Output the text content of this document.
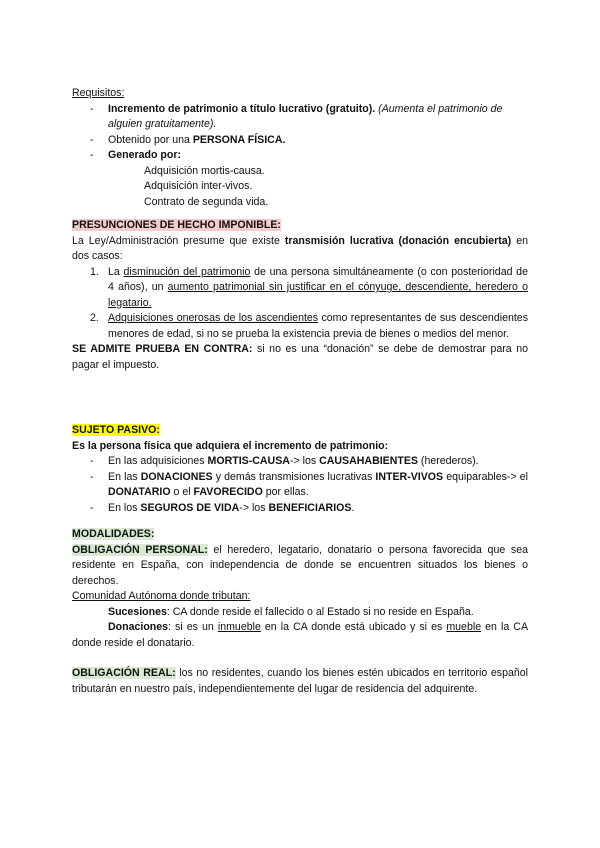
Requisitos:
- Incremento de patrimonio a título lucrativo (gratuito). (Aumenta el patrimonio de alguien gratuitamente).
- Obtenido por una PERSONA FÍSICA.
- Generado por:
Adquisición mortis-causa.
Adquisición inter-vivos.
Contrato de segunda vida.
PRESUNCIONES DE HECHO IMPONIBLE:
La Ley/Administración presume que existe transmisión lucrativa (donación encubierta) en dos casos:
1. La disminución del patrimonio de una persona simultáneamente (o con posterioridad de 4 años), un aumento patrimonial sin justificar en el cónyuge, descendiente, heredero o legatario.
2. Adquisiciones onerosas de los ascendientes como representantes de sus descendientes menores de edad, si no se prueba la existencia previa de bienes o medios del menor.
SE ADMITE PRUEBA EN CONTRA: si no es una “donación” se debe de demostrar para no pagar el impuesto.
SUJETO PASIVO:
Es la persona física que adquiera el incremento de patrimonio:
- En las adquisiciones MORTIS-CAUSA-> los CAUSAHABIENTES (herederos).
- En las DONACIONES y demás transmisiones lucrativas INTER-VIVOS equiparables-> el DONATARIO o el FAVORECIDO por ellas.
- En los SEGUROS DE VIDA-> los BENEFICIARIOS.
MODALIDADES:
OBLIGACIÓN PERSONAL: el heredero, legatario, donatario o persona favorecida que sea residente en España, con independencia de donde se encuentren situados los bienes o derechos.
Comunidad Autónoma donde tributan:
Sucesiones: CA donde reside el fallecido o al Estado si no reside en España.
Donaciones: si es un inmueble en la CA donde está ubicado y si es mueble en la CA donde reside el donatario.
OBLIGACIÓN REAL: los no residentes, cuando los bienes estén ubicados en territorio español tributarán en nuestro país, independientemente del lugar de residencia del adquirente.
